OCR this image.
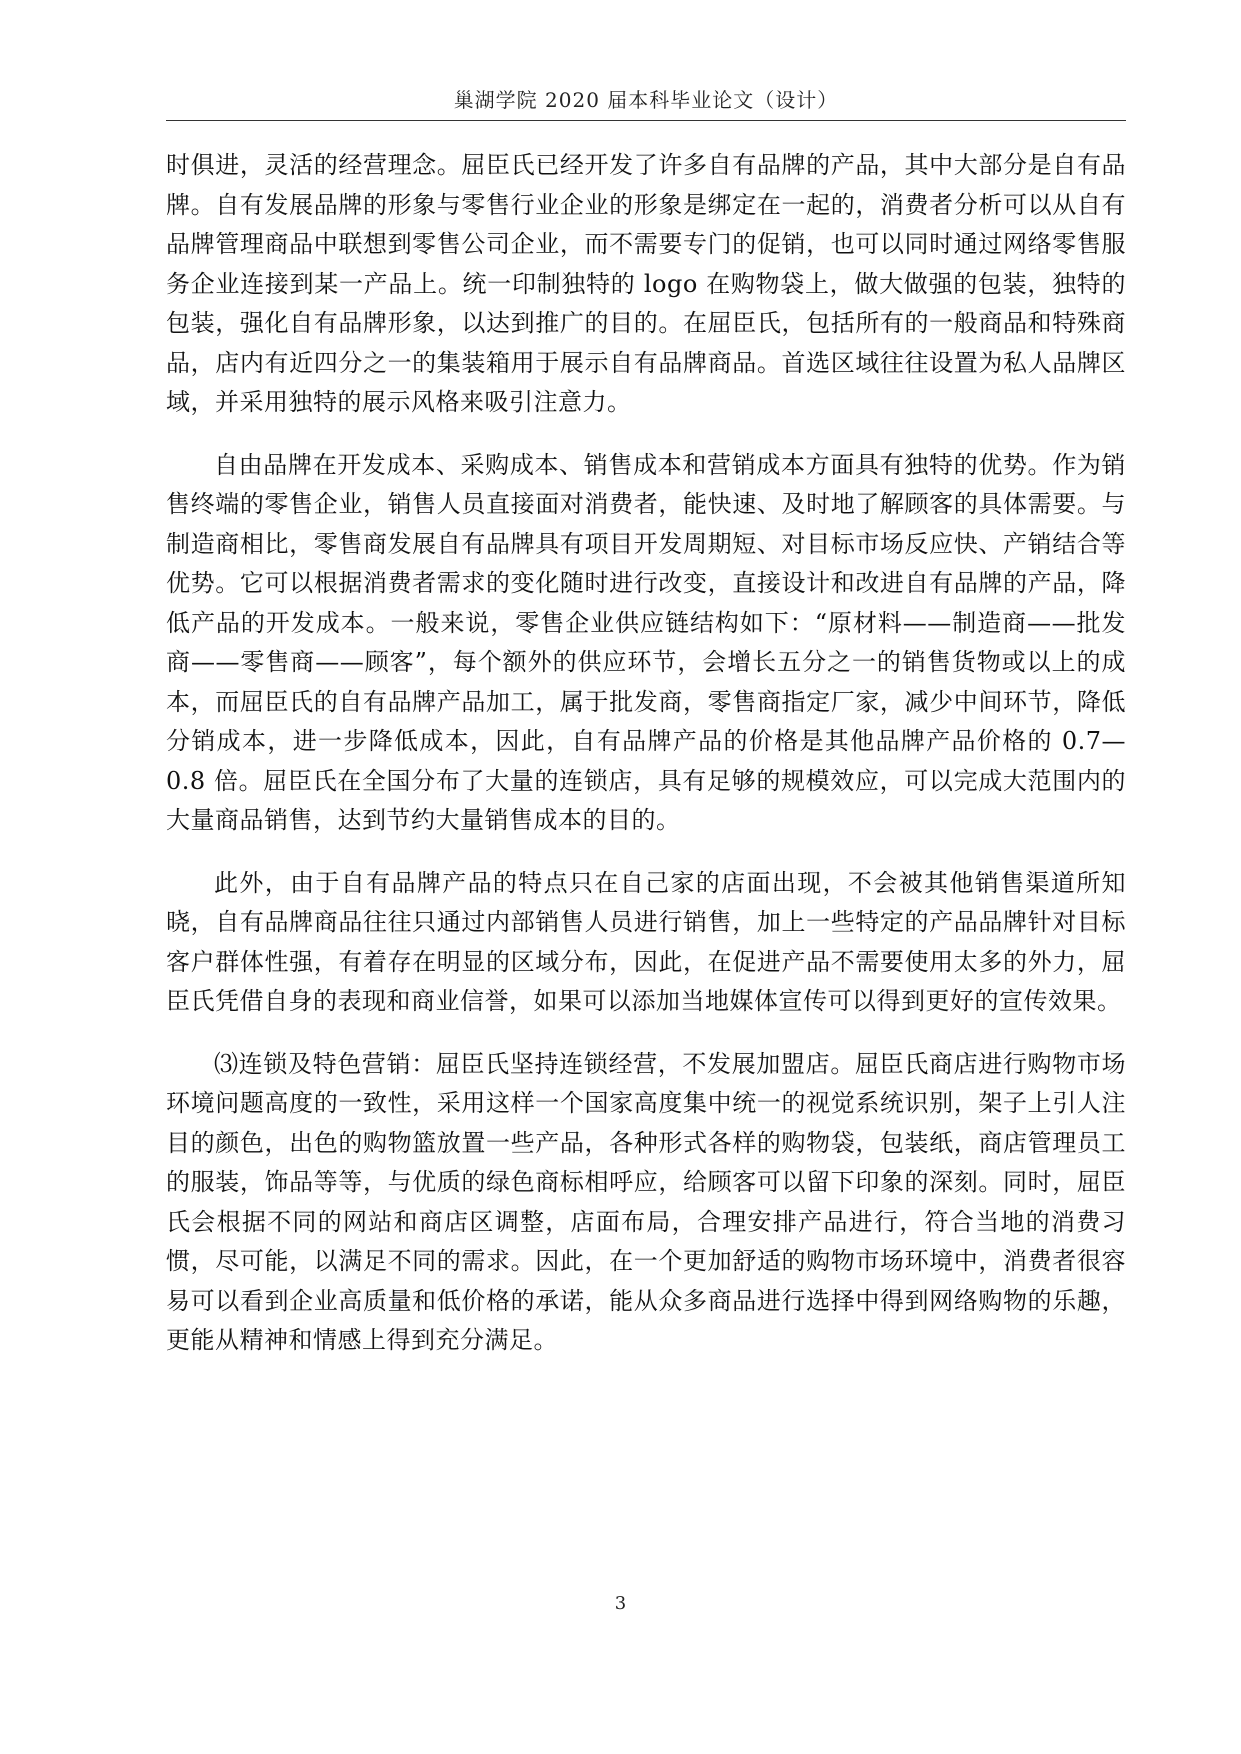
巢湖学院 2020 届本科毕业论文（设计）

时俱进，灵活的经营理念。屈臣氏已经开发了许多自有品牌的产品，其中大部分是自有品牌。自有发展品牌的形象与零售行业企业的形象是绑定在一起的，消费者分析可以从自有品牌管理商品中联想到零售公司企业，而不需要专门的促销，也可以同时通过网络零售服务企业连接到某一产品上。统一印制独特的 logo 在购物袋上，做大做强的包装，独特的包装，强化自有品牌形象，以达到推广的目的。在屈臣氏，包括所有的一般商品和特殊商品，店内有近四分之一的集装箱用于展示自有品牌商品。首选区域往往设置为私人品牌区域，并采用独特的展示风格来吸引注意力。

自由品牌在开发成本、采购成本、销售成本和营销成本方面具有独特的优势。作为销售终端的零售企业，销售人员直接面对消费者，能快速、及时地了解顾客的具体需要。与制造商相比，零售商发展自有品牌具有项目开发周期短、对目标市场反应快、产销结合等优势。它可以根据消费者需求的变化随时进行改变，直接设计和改进自有品牌的产品，降低产品的开发成本。一般来说，零售企业供应链结构如下：“原材料——制造商——批发商——零售商——顾客”，每个额外的供应环节，会增长五分之一的销售货物或以上的成本，而屈臣氏的自有品牌产品加工，属于批发商，零售商指定厂家，减少中间环节，降低分销成本，进一步降低成本，因此，自有品牌产品的价格是其他品牌产品价格的 0.7—0.8 倍。屈臣氏在全国分布了大量的连锁店，具有足够的规模效应，可以完成大范围内的大量商品销售，达到节约大量销售成本的目的。

此外，由于自有品牌产品的特点只在自己家的店面出现，不会被其他销售渠道所知晓，自有品牌商品往往只通过内部销售人员进行销售，加上一些特定的产品品牌针对目标客户群体性强，有着存在明显的区域分布，因此，在促进产品不需要使用太多的外力，屈臣氏凭借自身的表现和商业信誉，如果可以添加当地媒体宣传可以得到更好的宣传效果。

⑶连锁及特色营销：屈臣氏坚持连锁经营，不发展加盟店。屈臣氏商店进行购物市场环境问题高度的一致性，采用这样一个国家高度集中统一的视觉系统识别，架子上引人注目的颜色，出色的购物篮放置一些产品，各种形式各样的购物袋，包装纸，商店管理员工的服装，饰品等等，与优质的绿色商标相呼应，给顾客可以留下印象的深刻。同时，屈臣氏会根据不同的网站和商店区调整，店面布局，合理安排产品进行，符合当地的消费习惯，尽可能，以满足不同的需求。因此，在一个更加舒适的购物市场环境中，消费者很容易可以看到企业高质量和低价格的承诺，能从众多商品进行选择中得到网络购物的乐趣，更能从精神和情感上得到充分满足。

3
